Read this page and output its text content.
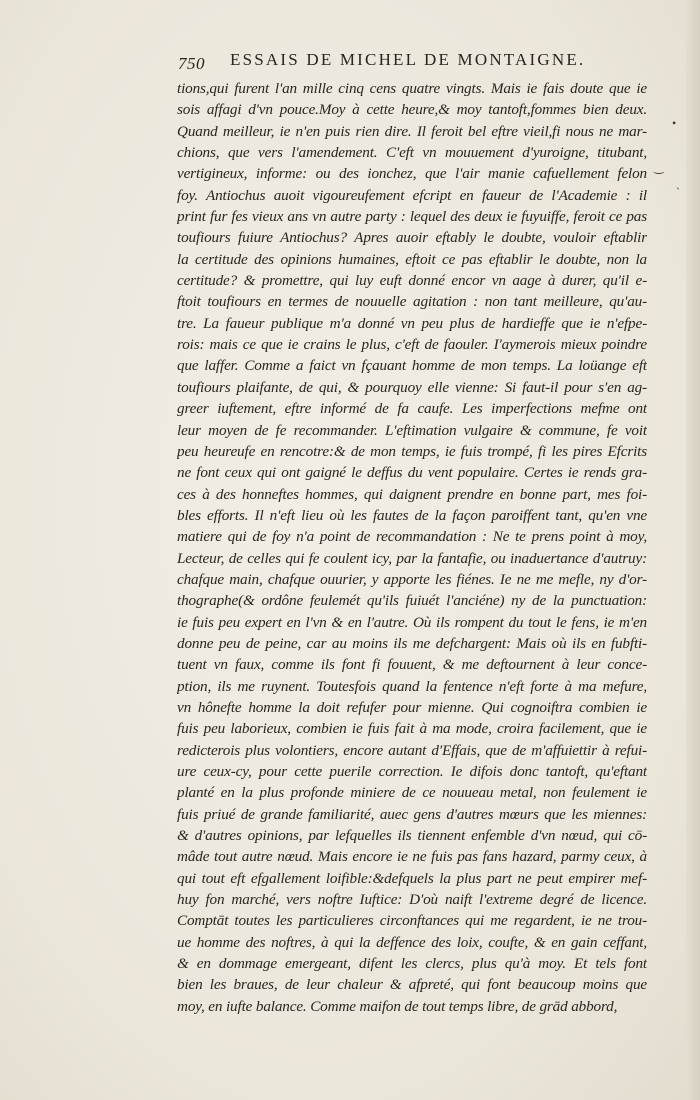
750 ESSAIS DE MICHEL DE MONTAIGNE.
tions,qui furent l'an mille cinq cens quatre vingts. Mais ie fais doute que ie
sois affagi d'vn pouce.Moy à cette heure,& moy tantoft,fommes bien deux.
Quand meilleur, ie n'en puis rien dire. Il feroit bel eftre vieil,fi nous ne mar-
chions, que vers l'amendement. C'eft vn mouuement d'yuroigne, titubant,
vertigineux, informe: ou des ionchez, que l'air manie cafuellement felon
foy. Antiochus auoit vigoureufement efcript en faueur de l'Academie : il
print fur fes vieux ans vn autre party : lequel des deux ie fuyuiffe, feroit ce pas
toufiours fuiure Antiochus? Apres auoir eftably le doubte, vouloir eftablir
la certitude des opinions humaines, eftoit ce pas eftablir le doubte, non la
certitude? & promettre, qui luy euft donné encor vn aage à durer, qu'il e-
ftoit toufiours en termes de nouuelle agitation : non tant meilleure, qu'au-
tre. La faueur publique m'a donné vn peu plus de hardieffe que ie n'efpe-
rois: mais ce que ie crains le plus, c'eft de faouler. I'aymerois mieux poindre
que laffer. Comme a faict vn fçauant homme de mon temps. La loüange eft
toufiours plaifante, de qui, & pourquoy elle vienne: Si faut-il pour s'en ag-
greer iuftement, eftre informé de fa caufe. Les imperfections mefme ont
leur moyen de fe recommander. L'eftimation vulgaire & commune, fe voit
peu heureufe en rencotre:& de mon temps, ie fuis trompé, fi les pires Efcrits
ne font ceux qui ont gaigné le deffus du vent populaire. Certes ie rends gra-
ces à des honneftes hommes, qui daignent prendre en bonne part, mes foi-
bles efforts. Il n'eft lieu où les fautes de la façon paroiffent tant, qu'en vne
matiere qui de foy n'a point de recommandation : Ne te prens point à moy,
Lecteur, de celles qui fe coulent icy, par la fantafie, ou inaduertance d'autruy:
chafque main, chafque ouurier, y apporte les fiénes. Ie ne me mefle, ny d'or-
thographe(& ordône feulemét qu'ils fuiuét l'anciéne) ny de la punctuation:
ie fuis peu expert en l'vn & en l'autre. Où ils rompent du tout le fens, ie m'en
donne peu de peine, car au moins ils me defchargent: Mais où ils en fubfti-
tuent vn faux, comme ils font fi fouuent, & me deftournent à leur conce-
ption, ils me ruynent. Toutesfois quand la fentence n'eft forte à ma mefure,
vn hônefte homme la doit refufer pour mienne. Qui cognoiftra combien ie
fuis peu laborieux, combien ie fuis fait à ma mode, croira facilement, que ie
redicterois plus volontiers, encore autant d'Effais, que de m'affuiettir à refui-
ure ceux-cy, pour cette puerile correction. Ie difois donc tantoft, qu'eftant
planté en la plus profonde miniere de ce nouueau metal, non feulement ie
fuis priué de grande familiarité, auec gens d'autres mœurs que les miennes:
& d'autres opinions, par lefquelles ils tiennent enfemble d'vn nœud, qui cō-
mâde tout autre nœud. Mais encore ie ne fuis pas fans hazard, parmy ceux, à
qui tout eft efgallement loifible:&defquels la plus part ne peut empirer mef-
huy fon marché, vers noftre Iuftice: D'où naift l'extreme degré de licence.
Comptāt toutes les particulieres circonftances qui me regardent, ie ne trou-
ue homme des noftres, à qui la deffence des loix, coufte, & en gain ceffant,
& en dommage emergeant, difent les clercs, plus qu'à moy. Et tels font
bien les braues, de leur chaleur & afpreté, qui font beaucoup moins que
moy, en iufte balance. Comme maifon de tout temps libre, de grād abbord,
•
‿
ˎ
